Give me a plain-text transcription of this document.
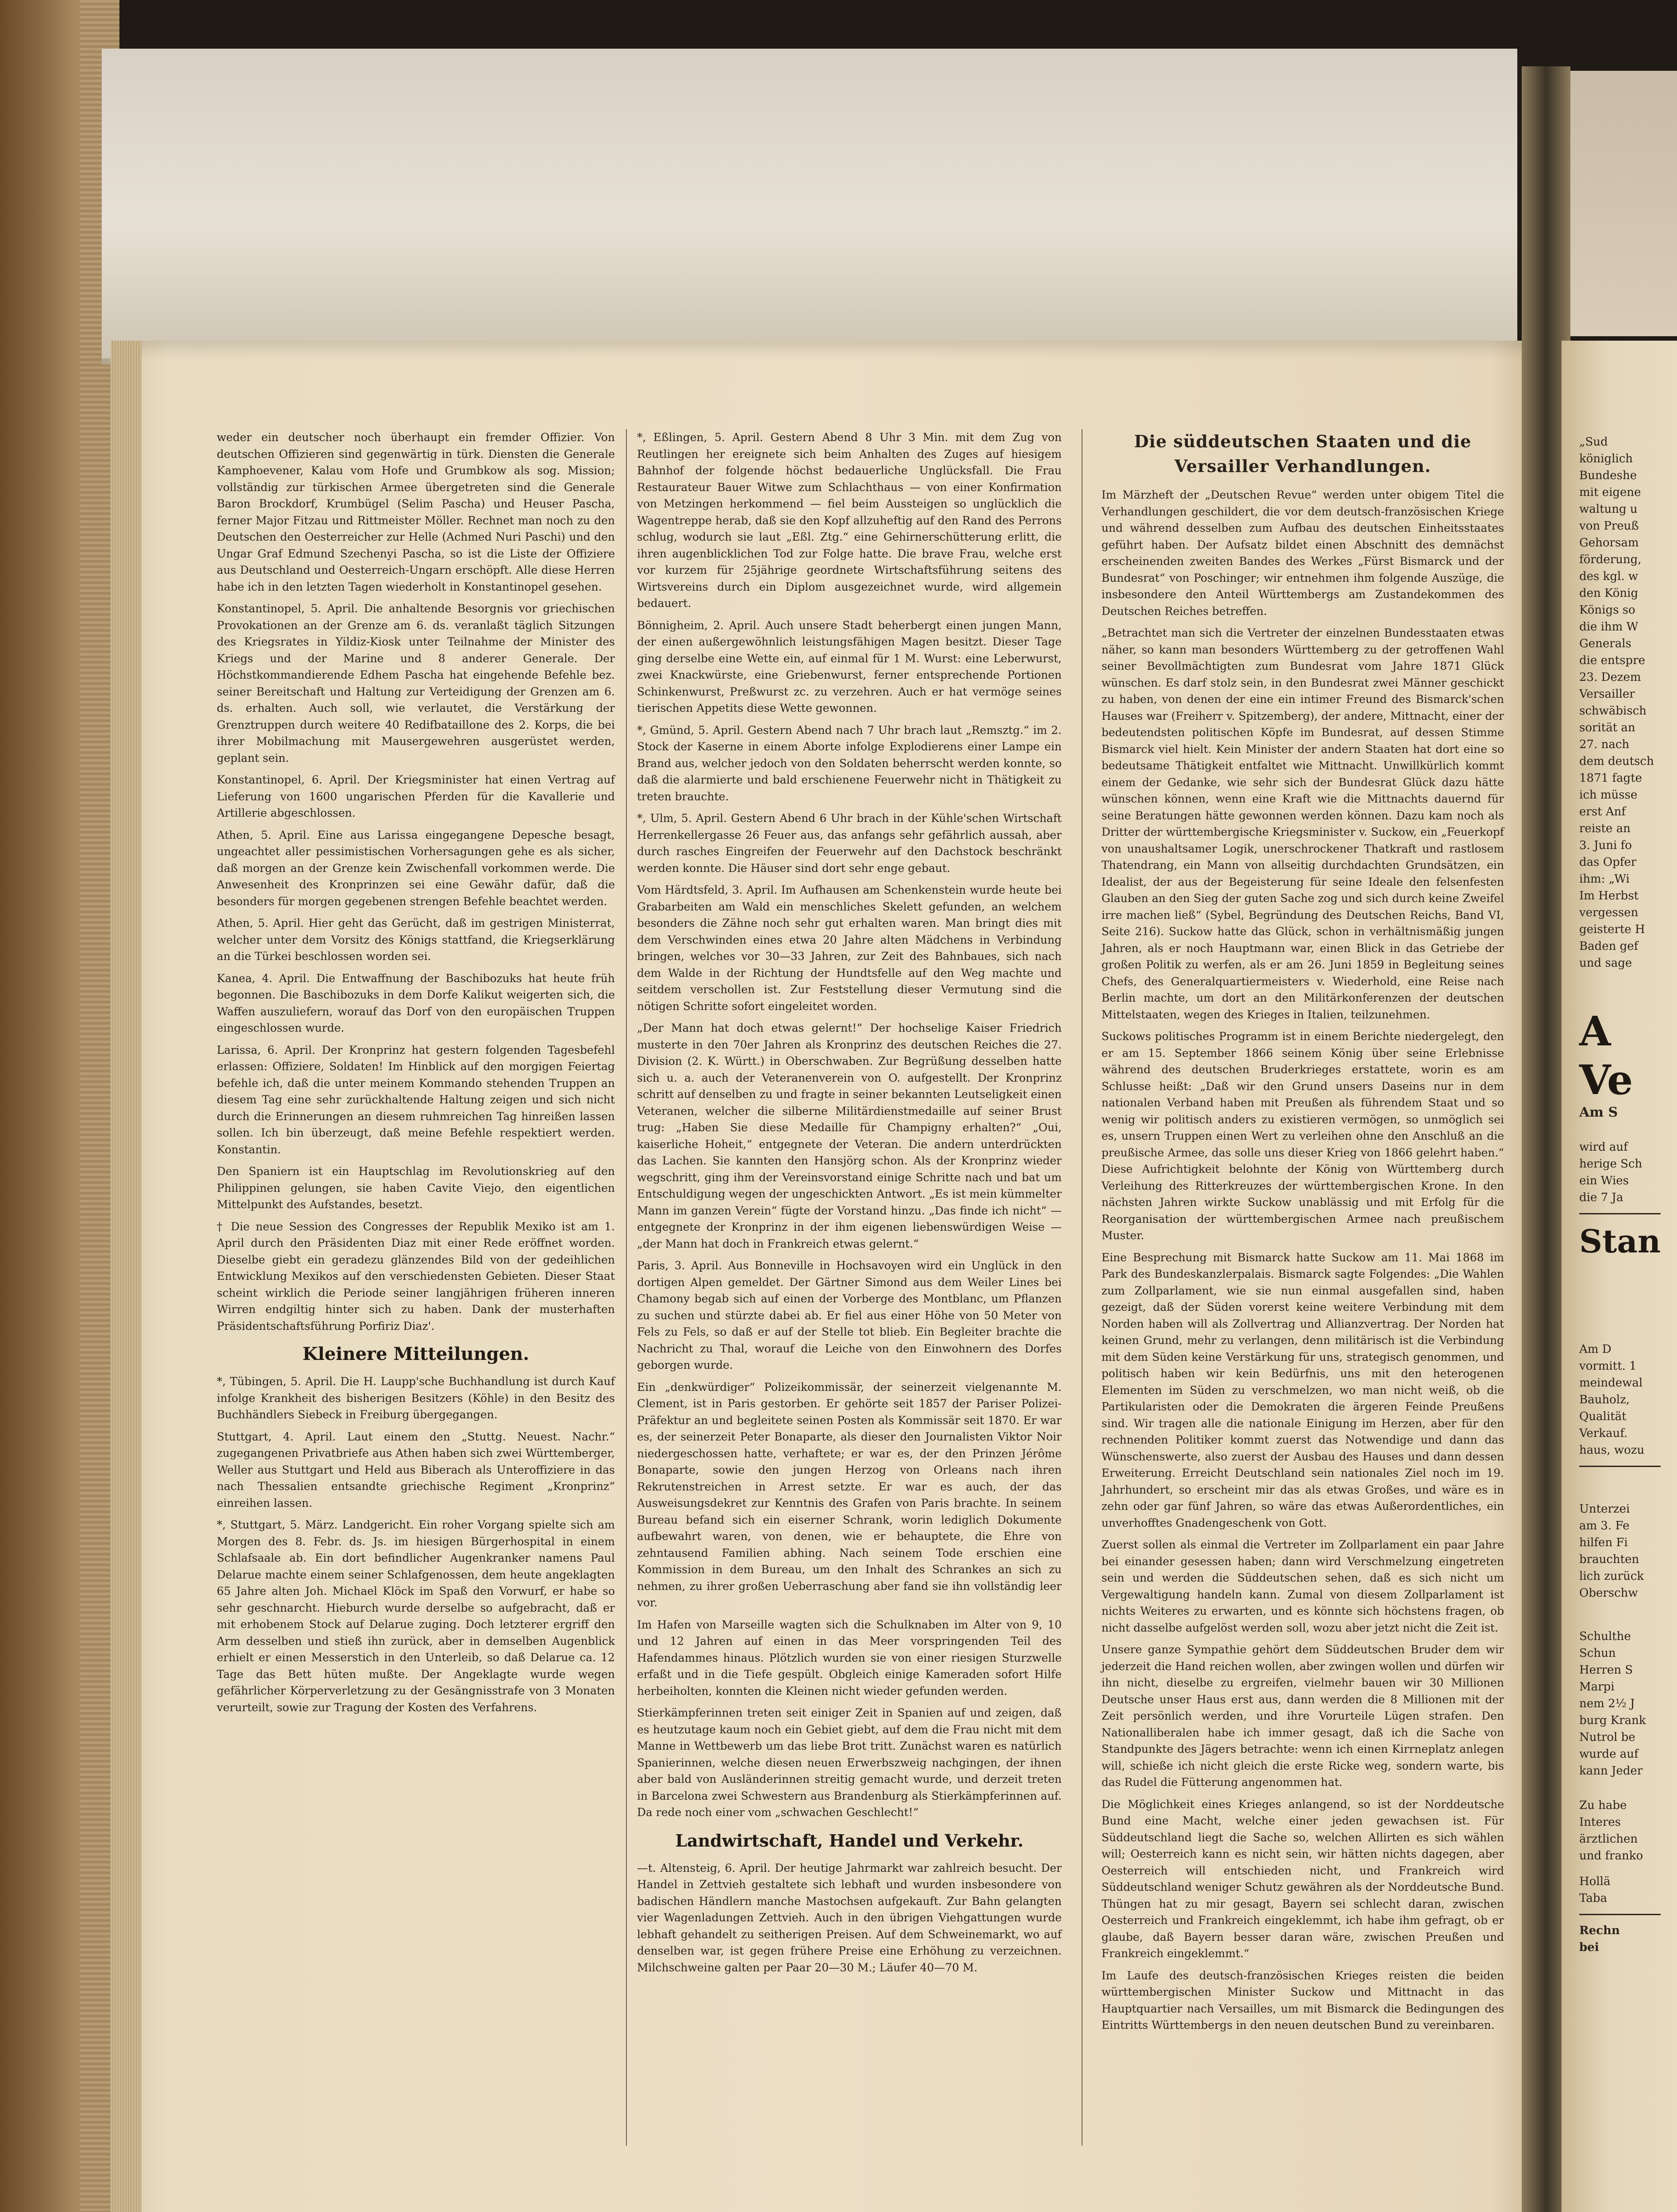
weder ein deutscher noch überhaupt ein fremder Offizier. Von deutschen Offizieren sind gegenwärtig in türk. Diensten die Generale Kamphoevener, Kalau vom Hofe und Grumbkow als sog. Mission; vollständig zur türkischen Armee übergetreten sind die Generale Baron Brockdorf, Krumbügel (Selim Pascha) und Heuser Pascha, ferner Major Fitzau und Rittmeister Möller. Rechnet man noch zu den Deutschen den Oesterreicher zur Helle (Achmed Nuri Paschi) und den Ungar Graf Edmund Szechenyi Pascha, so ist die Liste der Offiziere aus Deutschland und Oesterreich-Ungarn erschöpft. Alle diese Herren habe ich in den letzten Tagen wiederholt in Konstantinopel gesehen.

Konstantinopel, 5. April. Die anhaltende Besorgnis vor griechischen Provokationen an der Grenze am 6. ds. veranlaßt täglich Sitzungen des Kriegsrates in Yildiz-Kiosk unter Teilnahme der Minister des Kriegs und der Marine und 8 anderer Generale. Der Höchstkommandierende Edhem Pascha hat eingehende Befehle bez. seiner Bereitschaft und Haltung zur Verteidigung der Grenzen am 6. ds. erhalten. Auch soll, wie verlautet, die Verstärkung der Grenztruppen durch weitere 40 Redifbataillone des 2. Korps, die bei ihrer Mobilmachung mit Mausergewehren ausgerüstet werden, geplant sein.

Konstantinopel, 6. April. Der Kriegsminister hat einen Vertrag auf Lieferung von 1600 ungarischen Pferden für die Kavallerie und Artillerie abgeschlossen.

Athen, 5. April. Eine aus Larissa eingegangene Depesche besagt, ungeachtet aller pessimistischen Vorhersagungen gehe es als sicher, daß morgen an der Grenze kein Zwischenfall vorkommen werde. Die Anwesenheit des Kronprinzen sei eine Gewähr dafür, daß die besonders für morgen gegebenen strengen Befehle beachtet werden.

Athen, 5. April. Hier geht das Gerücht, daß im gestrigen Ministerrat, welcher unter dem Vorsitz des Königs stattfand, die Kriegserklärung an die Türkei beschlossen worden sei.

Kanea, 4. April. Die Entwaffnung der Baschibozuks hat heute früh begonnen. Die Baschibozuks in dem Dorfe Kalikut weigerten sich, die Waffen auszuliefern, worauf das Dorf von den europäischen Truppen eingeschlossen wurde.

Larissa, 6. April. Der Kronprinz hat gestern folgenden Tagesbefehl erlassen: Offiziere, Soldaten! Im Hinblick auf den morgigen Feiertag befehle ich, daß die unter meinem Kommando stehenden Truppen an diesem Tag eine sehr zurückhaltende Haltung zeigen und sich nicht durch die Erinnerungen an diesem ruhmreichen Tag hinreißen lassen sollen. Ich bin überzeugt, daß meine Befehle respektiert werden. Konstantin.

Den Spaniern ist ein Hauptschlag im Revolutionskrieg auf den Philippinen gelungen, sie haben Cavite Viejo, den eigentlichen Mittelpunkt des Aufstandes, besetzt.

† Die neue Session des Congresses der Republik Mexiko ist am 1. April durch den Präsidenten Diaz mit einer Rede eröffnet worden. Dieselbe giebt ein geradezu glänzendes Bild von der gedeihlichen Entwicklung Mexikos auf den verschiedensten Gebieten. Dieser Staat scheint wirklich die Periode seiner langjährigen früheren inneren Wirren endgiltig hinter sich zu haben. Dank der musterhaften Präsidentschaftsführung Porfiriz Diaz'.

Kleinere Mitteilungen.

*, Tübingen, 5. April. Die H. Laupp'sche Buchhandlung ist durch Kauf infolge Krankheit des bisherigen Besitzers (Köhle) in den Besitz des Buchhändlers Siebeck in Freiburg übergegangen.

Stuttgart, 4. April. Laut einem den „Stuttg. Neuest. Nachr.“ zugegangenen Privatbriefe aus Athen haben sich zwei Württemberger, Weller aus Stuttgart und Held aus Biberach als Unteroffiziere in das nach Thessalien entsandte griechische Regiment „Kronprinz“ einreihen lassen.

*, Stuttgart, 5. März. Landgericht. Ein roher Vorgang spielte sich am Morgen des 8. Febr. ds. Js. im hiesigen Bürgerhospital in einem Schlafsaale ab. Ein dort befindlicher Augenkranker namens Paul Delarue machte einem seiner Schlafgenossen, dem heute angeklagten 65 Jahre alten Joh. Michael Klöck im Spaß den Vorwurf, er habe so sehr geschnarcht. Hieburch wurde derselbe so aufgebracht, daß er mit erhobenem Stock auf Delarue zuging. Doch letzterer ergriff den Arm desselben und stieß ihn zurück, aber in demselben Augenblick erhielt er einen Messerstich in den Unterleib, so daß Delarue ca. 12 Tage das Bett hüten mußte. Der Angeklagte wurde wegen gefährlicher Körperverletzung zu der Gesängnisstrafe von 3 Monaten verurteilt, sowie zur Tragung der Kosten des Verfahrens.

*, Eßlingen, 5. April. Gestern Abend 8 Uhr 3 Min. mit dem Zug von Reutlingen her ereignete sich beim Anhalten des Zuges auf hiesigem Bahnhof der folgende höchst bedauerliche Unglücksfall. Die Frau Restaurateur Bauer Witwe zum Schlachthaus — von einer Konfirmation von Metzingen herkommend — fiel beim Aussteigen so unglücklich die Wagentreppe herab, daß sie den Kopf allzuheftig auf den Rand des Perrons schlug, wodurch sie laut „Eßl. Ztg.“ eine Gehirnerschütterung erlitt, die ihren augenblicklichen Tod zur Folge hatte. Die brave Frau, welche erst vor kurzem für 25jährige geordnete Wirtschaftsführung seitens des Wirtsvereins durch ein Diplom ausgezeichnet wurde, wird allgemein bedauert.

Bönnigheim, 2. April. Auch unsere Stadt beherbergt einen jungen Mann, der einen außergewöhnlich leistungsfähigen Magen besitzt. Dieser Tage ging derselbe eine Wette ein, auf einmal für 1 M. Wurst: eine Leberwurst, zwei Knackwürste, eine Griebenwurst, ferner entsprechende Portionen Schinkenwurst, Preßwurst zc. zu verzehren. Auch er hat vermöge seines tierischen Appetits diese Wette gewonnen.

*, Gmünd, 5. April. Gestern Abend nach 7 Uhr brach laut „Remsztg.“ im 2. Stock der Kaserne in einem Aborte infolge Explodierens einer Lampe ein Brand aus, welcher jedoch von den Soldaten beherrscht werden konnte, so daß die alarmierte und bald erschienene Feuerwehr nicht in Thätigkeit zu treten brauchte.

*, Ulm, 5. April. Gestern Abend 6 Uhr brach in der Kühle'schen Wirtschaft Herrenkellergasse 26 Feuer aus, das anfangs sehr gefährlich aussah, aber durch rasches Eingreifen der Feuerwehr auf den Dachstock beschränkt werden konnte. Die Häuser sind dort sehr enge gebaut.

Vom Härdtsfeld, 3. April. Im Aufhausen am Schenkenstein wurde heute bei Grabarbeiten am Wald ein menschliches Skelett gefunden, an welchem besonders die Zähne noch sehr gut erhalten waren. Man bringt dies mit dem Verschwinden eines etwa 20 Jahre alten Mädchens in Verbindung bringen, welches vor 30—33 Jahren, zur Zeit des Bahnbaues, sich nach dem Walde in der Richtung der Hundtsfelle auf den Weg machte und seitdem verschollen ist. Zur Feststellung dieser Vermutung sind die nötigen Schritte sofort eingeleitet worden.

„Der Mann hat doch etwas gelernt!“ Der hochselige Kaiser Friedrich musterte in den 70er Jahren als Kronprinz des deutschen Reiches die 27. Division (2. K. Württ.) in Oberschwaben. Zur Begrüßung desselben hatte sich u. a. auch der Veteranenverein von O. aufgestellt. Der Kronprinz schritt auf denselben zu und fragte in seiner bekannten Leutseligkeit einen Veteranen, welcher die silberne Militärdienstmedaille auf seiner Brust trug: „Haben Sie diese Medaille für Champigny erhalten?“ „Oui, kaiserliche Hoheit,“ entgegnete der Veteran. Die andern unterdrückten das Lachen. Sie kannten den Hansjörg schon. Als der Kronprinz wieder wegschritt, ging ihm der Vereinsvorstand einige Schritte nach und bat um Entschuldigung wegen der ungeschickten Antwort. „Es ist mein kümmelter Mann im ganzen Verein“ fügte der Vorstand hinzu. „Das finde ich nicht“ — entgegnete der Kronprinz in der ihm eigenen liebenswürdigen Weise — „der Mann hat doch in Frankreich etwas gelernt.“

Paris, 3. April. Aus Bonneville in Hochsavoyen wird ein Unglück in den dortigen Alpen gemeldet. Der Gärtner Simond aus dem Weiler Lines bei Chamony begab sich auf einen der Vorberge des Montblanc, um Pflanzen zu suchen und stürzte dabei ab. Er fiel aus einer Höhe von 50 Meter von Fels zu Fels, so daß er auf der Stelle tot blieb. Ein Begleiter brachte die Nachricht zu Thal, worauf die Leiche von den Einwohnern des Dorfes geborgen wurde.

Ein „denkwürdiger“ Polizeikommissär, der seinerzeit vielgenannte M. Clement, ist in Paris gestorben. Er gehörte seit 1857 der Pariser Polizei-Präfektur an und begleitete seinen Posten als Kommissär seit 1870. Er war es, der seinerzeit Peter Bonaparte, als dieser den Journalisten Viktor Noir niedergeschossen hatte, verhaftete; er war es, der den Prinzen Jérôme Bonaparte, sowie den jungen Herzog von Orleans nach ihren Rekrutenstreichen in Arrest setzte. Er war es auch, der das Ausweisungsdekret zur Kenntnis des Grafen von Paris brachte. In seinem Bureau befand sich ein eiserner Schrank, worin lediglich Dokumente aufbewahrt waren, von denen, wie er behauptete, die Ehre von zehntausend Familien abhing. Nach seinem Tode erschien eine Kommission in dem Bureau, um den Inhalt des Schrankes an sich zu nehmen, zu ihrer großen Ueberraschung aber fand sie ihn vollständig leer vor.

Im Hafen von Marseille wagten sich die Schulknaben im Alter von 9, 10 und 12 Jahren auf einen in das Meer vorspringenden Teil des Hafendammes hinaus. Plötzlich wurden sie von einer riesigen Sturzwelle erfaßt und in die Tiefe gespült. Obgleich einige Kameraden sofort Hilfe herbeiholten, konnten die Kleinen nicht wieder gefunden werden.

Stierkämpferinnen treten seit einiger Zeit in Spanien auf und zeigen, daß es heutzutage kaum noch ein Gebiet giebt, auf dem die Frau nicht mit dem Manne in Wettbewerb um das liebe Brot tritt. Zunächst waren es natürlich Spanierinnen, welche diesen neuen Erwerbszweig nachgingen, der ihnen aber bald von Ausländerinnen streitig gemacht wurde, und derzeit treten in Barcelona zwei Schwestern aus Brandenburg als Stierkämpferinnen auf. Da rede noch einer vom „schwachen Geschlecht!“

Landwirtschaft, Handel und Verkehr.

—t. Altensteig, 6. April. Der heutige Jahrmarkt war zahlreich besucht. Der Handel in Zettvieh gestaltete sich lebhaft und wurden insbesondere von badischen Händlern manche Mastochsen aufgekauft. Zur Bahn gelangten vier Wagenladungen Zettvieh. Auch in den übrigen Viehgattungen wurde lebhaft gehandelt zu seitherigen Preisen. Auf dem Schweinemarkt, wo auf denselben war, ist gegen frühere Preise eine Erhöhung zu verzeichnen. Milchschweine galten per Paar 20—30 M.; Läufer 40—70 M.

Die süddeutschen Staaten und die
Versailler Verhandlungen.

Im Märzheft der „Deutschen Revue“ werden unter obigem Titel die Verhandlungen geschildert, die vor dem deutsch-französischen Kriege und während desselben zum Aufbau des deutschen Einheitsstaates geführt haben. Der Aufsatz bildet einen Abschnitt des demnächst erscheinenden zweiten Bandes des Werkes „Fürst Bismarck und der Bundesrat“ von Poschinger; wir entnehmen ihm folgende Auszüge, die insbesondere den Anteil Württembergs am Zustandekommen des Deutschen Reiches betreffen.

„Betrachtet man sich die Vertreter der einzelnen Bundesstaaten etwas näher, so kann man besonders Württemberg zu der getroffenen Wahl seiner Bevollmächtigten zum Bundesrat vom Jahre 1871 Glück wünschen. Es darf stolz sein, in den Bundesrat zwei Männer geschickt zu haben, von denen der eine ein intimer Freund des Bismarck'schen Hauses war (Freiherr v. Spitzemberg), der andere, Mittnacht, einer der bedeutendsten politischen Köpfe im Bundesrat, auf dessen Stimme Bismarck viel hielt. Kein Minister der andern Staaten hat dort eine so bedeutsame Thätigkeit entfaltet wie Mittnacht. Unwillkürlich kommt einem der Gedanke, wie sehr sich der Bundesrat Glück dazu hätte wünschen können, wenn eine Kraft wie die Mittnachts dauernd für seine Beratungen hätte gewonnen werden können. Dazu kam noch als Dritter der württembergische Kriegsminister v. Suckow, ein „Feuerkopf von unaushaltsamer Logik, unerschrockener Thatkraft und rastlosem Thatendrang, ein Mann von allseitig durchdachten Grundsätzen, ein Idealist, der aus der Begeisterung für seine Ideale den felsenfesten Glauben an den Sieg der guten Sache zog und sich durch keine Zweifel irre machen ließ“ (Sybel, Begründung des Deutschen Reichs, Band VI, Seite 216). Suckow hatte das Glück, schon in verhältnismäßig jungen Jahren, als er noch Hauptmann war, einen Blick in das Getriebe der großen Politik zu werfen, als er am 26. Juni 1859 in Begleitung seines Chefs, des Generalquartiermeisters v. Wiederhold, eine Reise nach Berlin machte, um dort an den Militärkonferenzen der deutschen Mittelstaaten, wegen des Krieges in Italien, teilzunehmen.

Suckows politisches Programm ist in einem Berichte niedergelegt, den er am 15. September 1866 seinem König über seine Erlebnisse während des deutschen Bruderkrieges erstattete, worin es am Schlusse heißt: „Daß wir den Grund unsers Daseins nur in dem nationalen Verband haben mit Preußen als führendem Staat und so wenig wir politisch anders zu existieren vermögen, so unmöglich sei es, unsern Truppen einen Wert zu verleihen ohne den Anschluß an die preußische Armee, das solle uns dieser Krieg von 1866 gelehrt haben.“ Diese Aufrichtigkeit belohnte der König von Württemberg durch Verleihung des Ritterkreuzes der württembergischen Krone. In den nächsten Jahren wirkte Suckow unablässig und mit Erfolg für die Reorganisation der württembergischen Armee nach preußischem Muster.

Eine Besprechung mit Bismarck hatte Suckow am 11. Mai 1868 im Park des Bundeskanzlerpalais. Bismarck sagte Folgendes: „Die Wahlen zum Zollparlament, wie sie nun einmal ausgefallen sind, haben gezeigt, daß der Süden vorerst keine weitere Verbindung mit dem Norden haben will als Zollvertrag und Allianzvertrag. Der Norden hat keinen Grund, mehr zu verlangen, denn militärisch ist die Verbindung mit dem Süden keine Verstärkung für uns, strategisch genommen, und politisch haben wir kein Bedürfnis, uns mit den heterogenen Elementen im Süden zu verschmelzen, wo man nicht weiß, ob die Partikularisten oder die Demokraten die ärgeren Feinde Preußens sind. Wir tragen alle die nationale Einigung im Herzen, aber für den rechnenden Politiker kommt zuerst das Notwendige und dann das Wünschenswerte, also zuerst der Ausbau des Hauses und dann dessen Erweiterung. Erreicht Deutschland sein nationales Ziel noch im 19. Jahrhundert, so erscheint mir das als etwas Großes, und wäre es in zehn oder gar fünf Jahren, so wäre das etwas Außerordentliches, ein unverhofftes Gnadengeschenk von Gott.

Zuerst sollen als einmal die Vertreter im Zollparlament ein paar Jahre bei einander gesessen haben; dann wird Verschmelzung eingetreten sein und werden die Süddeutschen sehen, daß es sich nicht um Vergewaltigung handeln kann. Zumal von diesem Zollparlament ist nichts Weiteres zu erwarten, und es könnte sich höchstens fragen, ob nicht dasselbe aufgelöst werden soll, wozu aber jetzt nicht die Zeit ist.

Unsere ganze Sympathie gehört dem Süddeutschen Bruder dem wir jederzeit die Hand reichen wollen, aber zwingen wollen und dürfen wir ihn nicht, dieselbe zu ergreifen, vielmehr bauen wir 30 Millionen Deutsche unser Haus erst aus, dann werden die 8 Millionen mit der Zeit persönlich werden, und ihre Vorurteile Lügen strafen. Den Nationalliberalen habe ich immer gesagt, daß ich die Sache von Standpunkte des Jägers betrachte: wenn ich einen Kirrneplatz anlegen will, schieße ich nicht gleich die erste Ricke weg, sondern warte, bis das Rudel die Fütterung angenommen hat.

Die Möglichkeit eines Krieges anlangend, so ist der Norddeutsche Bund eine Macht, welche einer jeden gewachsen ist. Für Süddeutschland liegt die Sache so, welchen Allirten es sich wählen will; Oesterreich kann es nicht sein, wir hätten nichts dagegen, aber Oesterreich will entschieden nicht, und Frankreich wird Süddeutschland weniger Schutz gewähren als der Norddeutsche Bund. Thüngen hat zu mir gesagt, Bayern sei schlecht daran, zwischen Oesterreich und Frankreich eingeklemmt, ich habe ihm gefragt, ob er glaube, daß Bayern besser daran wäre, zwischen Preußen und Frankreich eingeklemmt.“

Im Laufe des deutsch-französischen Krieges reisten die beiden württembergischen Minister Suckow und Mittnacht in das Hauptquartier nach Versailles, um mit Bismarck die Bedingungen des Eintritts Württembergs in den neuen deutschen Bund zu vereinbaren.

„Sud

königlich

Bundeshe

mit eigene

waltung u

von Preuß

Gehorsam

förderung,

des kgl. w

den König

Königs so

die ihm W

Generals

die entspre

23. Dezem

Versailler

schwäbisch

sorität an

27. nach

dem deutsch

1871 fagte

ich müsse

erst Anf

reiste an

3. Juni fo

das Opfer

ihm: „Wi

Im Herbst

vergessen

geisterte H

Baden gef

und sage

A
Ve

Am S

wird auf

herige Sch

ein Wies

die 7 Ja

Stan

Am D

vormitt. 1

meindewal

Bauholz,

Qualität

Verkauf.

haus, wozu

Unterzei

am 3. Fe

hilfen Fi

brauchten

lich zurück

Oberschw

Schulthe

Schun

Herren S

Marpi

nem 2½ J

burg Krank

Nutrol be

wurde auf

kann Jeder

Zu habe

Interes

ärztlichen

und franko

Hollä

Taba

Rechn

bei
